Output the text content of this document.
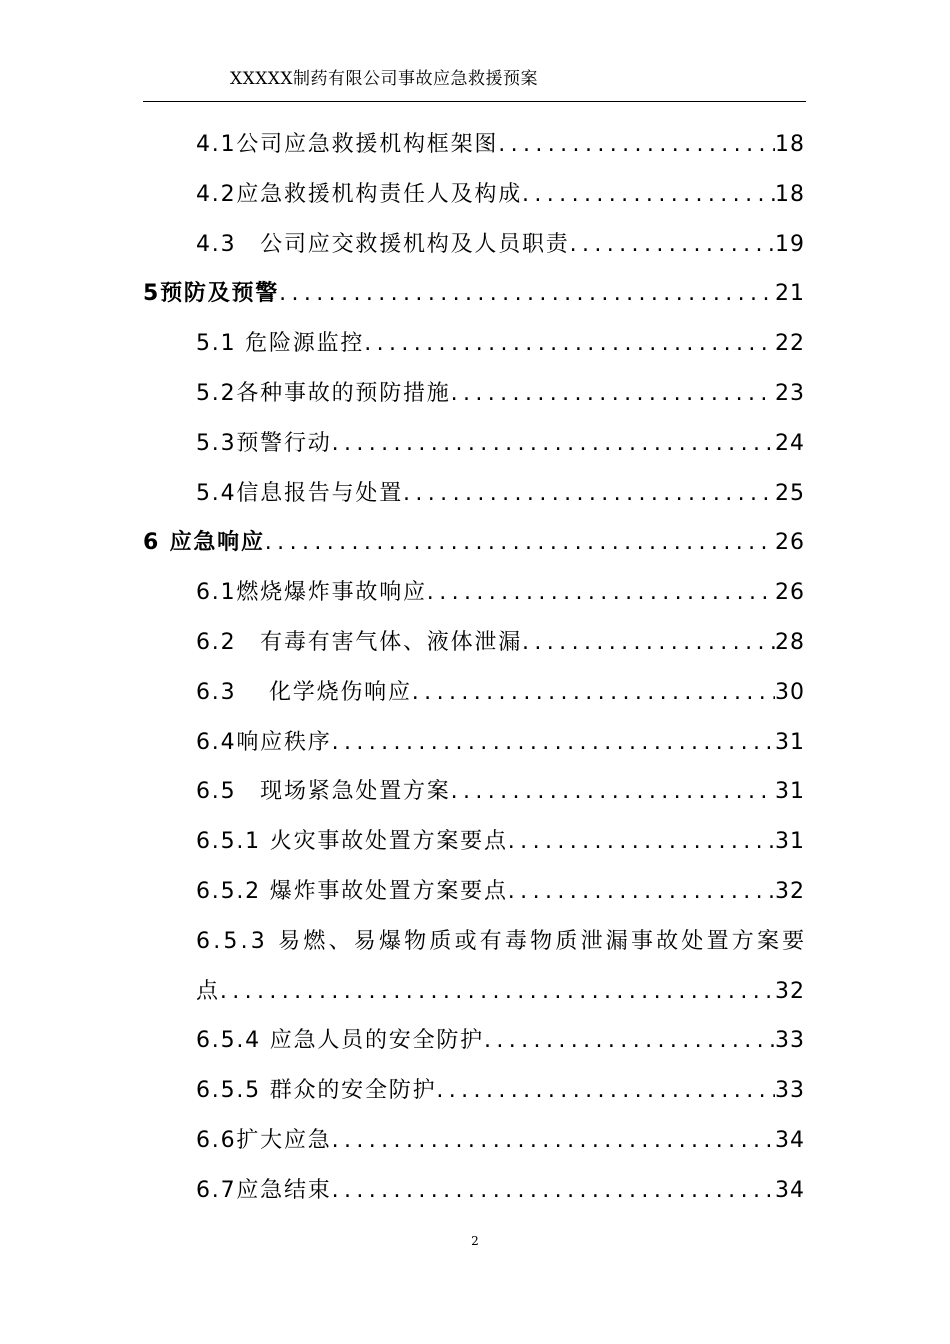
XXXXX制药有限公司事故应急救援预案
4.1公司应急救援机构框架图 .....	18
4.2应急救援机构责任人及构成 .....	18
4.3　公司应交救援机构及人员职责 .....	19
5预防及预警 .....	21
5.1 危险源监控 .....	22
5.2各种事故的预防措施 .....	23
5.3预警行动 .....	24
5.4信息报告与处置 .....	25
6 应急响应 .....	26
6.1燃烧爆炸事故响应 .....	26
6.2　有毒有害气体、液体泄漏 .....	28
6.3　 化学烧伤响应 .....	30
6.4响应秩序 .....	31
6.5　现场紧急处置方案 .....	31
6.5.1 火灾事故处置方案要点 .....	31
6.5.2 爆炸事故处置方案要点 .....	32
6.5.3 易燃、易爆物质或有毒物质泄漏事故处置方案要
点 .....	32
6.5.4 应急人员的安全防护 .....	33
6.5.5 群众的安全防护 .....	33
6.6扩大应急 .....	34
6.7应急结束 .....	34
2
